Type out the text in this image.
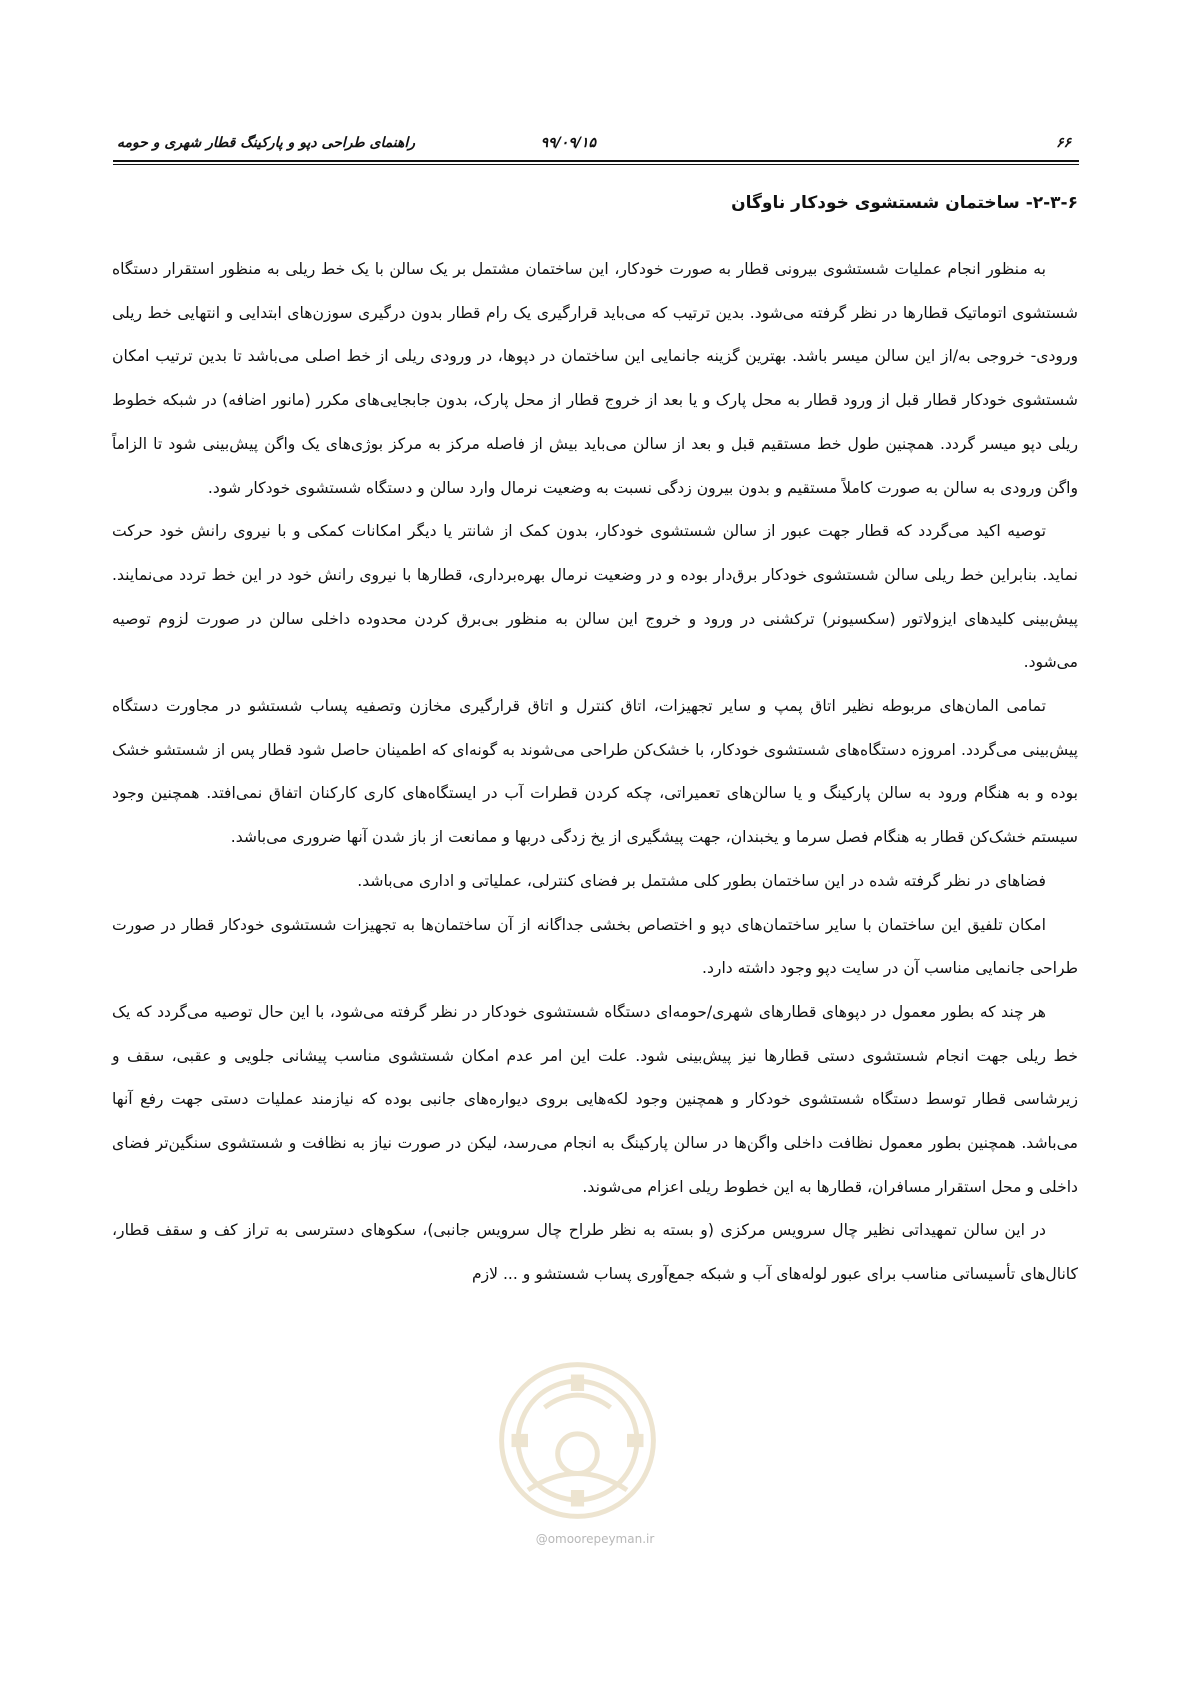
۶۶
۹۹/۰۹/۱۵
راهنمای طراحی دپو و پارکینگ قطار شهری و حومه
۲-۳-۶- ساختمان شستشوی خودکار ناوگان

به منظور انجام عملیات شستشوی بیرونی قطار به صورت خودکار، این ساختمان مشتمل بر یک سالن با یک خط ریلی به منظور استقرار دستگاه شستشوی اتوماتیک قطارها در نظر گرفته می‌شود. بدین ترتیب که می‌باید قرارگیری یک رام قطار بدون درگیری سوزن‌های ابتدایی و انتهایی خط ریلی ورودی- خروجی به/از این سالن میسر باشد. بهترین گزینه جانمایی این ساختمان در دپوها، در ورودی ریلی از خط اصلی می‌باشد تا بدین ترتیب امکان شستشوی خودکار قطار قبل از ورود قطار به محل پارک و یا بعد از خروج قطار از محل پارک، بدون جابجایی‌های مکرر (مانور اضافه) در شبکه خطوط ریلی دپو میسر گردد. همچنین طول خط مستقیم قبل و بعد از سالن می‌باید بیش از فاصله مرکز به مرکز بوژی‌های یک واگن پیش‌بینی شود تا الزاماً واگن ورودی به سالن به صورت کاملاً مستقیم و بدون بیرون زدگی نسبت به وضعیت نرمال وارد سالن و دستگاه شستشوی خودکار شود.

توصیه اکید می‌گردد که قطار جهت عبور از سالن شستشوی خودکار، بدون کمک از شانتر یا دیگر امکانات کمکی و با نیروی رانش خود حرکت نماید. بنابراین خط ریلی سالن شستشوی خودکار برق‌دار بوده و در وضعیت نرمال بهره‌برداری، قطارها با نیروی رانش خود در این خط تردد می‌نمایند. پیش‌بینی کلیدهای ایزولاتور (سکسیونر) ترکشنی در ورود و خروج این سالن به منظور بی‌برق کردن محدوده داخلی سالن در صورت لزوم توصیه می‌شود.

تمامی المان‌های مربوطه نظیر اتاق پمپ و سایر تجهیزات، اتاق کنترل و اتاق قرارگیری مخازن وتصفیه پساب شستشو در مجاورت دستگاه پیش‌بینی می‌گردد. امروزه دستگاه‌های شستشوی خودکار، با خشک‌کن طراحی می‌شوند به گونه‌ای که اطمینان حاصل شود قطار پس از شستشو خشک بوده و به هنگام ورود به سالن پارکینگ و یا سالن‌های تعمیراتی، چکه کردن قطرات آب در ایستگاه‌های کاری کارکنان اتفاق نمی‌افتد. همچنین وجود سیستم خشک‌کن قطار به هنگام فصل سرما و یخبندان، جهت پیشگیری از یخ زدگی دربها و ممانعت از باز شدن آنها ضروری می‌باشد.

فضاهای در نظر گرفته شده در این ساختمان بطور کلی مشتمل بر فضای کنترلی، عملیاتی و اداری می‌باشد.

امکان تلفیق این ساختمان با سایر ساختمان‌های دپو و اختصاص بخشی جداگانه از آن ساختمان‌ها به تجهیزات شستشوی خودکار قطار در صورت طراحی جانمایی مناسب آن در سایت دپو وجود داشته دارد.

هر چند که بطور معمول در دپوهای قطارهای شهری/حومه‌ای دستگاه شستشوی خودکار در نظر گرفته می‌شود، با این حال توصیه می‌گردد که یک خط ریلی جهت انجام شستشوی دستی قطارها نیز پیش‌بینی شود. علت این امر عدم امکان شستشوی مناسب پیشانی جلویی و عقبی، سقف و زیرشاسی قطار توسط دستگاه شستشوی خودکار و همچنین وجود لکه‌هایی بروی دیواره‌های جانبی بوده که نیازمند عملیات دستی جهت رفع آنها می‌باشد. همچنین بطور معمول نظافت داخلی واگن‌ها در سالن پارکینگ به انجام می‌رسد، لیکن در صورت نیاز به نظافت و شستشوی سنگین‌تر فضای داخلی و محل استقرار مسافران، قطارها به این خطوط ریلی اعزام می‌شوند.

در این سالن تمهیداتی نظیر چال سرویس مرکزی (و بسته به نظر طراح چال سرویس جانبی)، سکوهای دسترسی به تراز کف و سقف قطار، کانال‌های تأسیساتی مناسب برای عبور لوله‌های آب و شبکه جمع‌آوری پساب شستشو و ... لازم

@omoorepeyman.ir
